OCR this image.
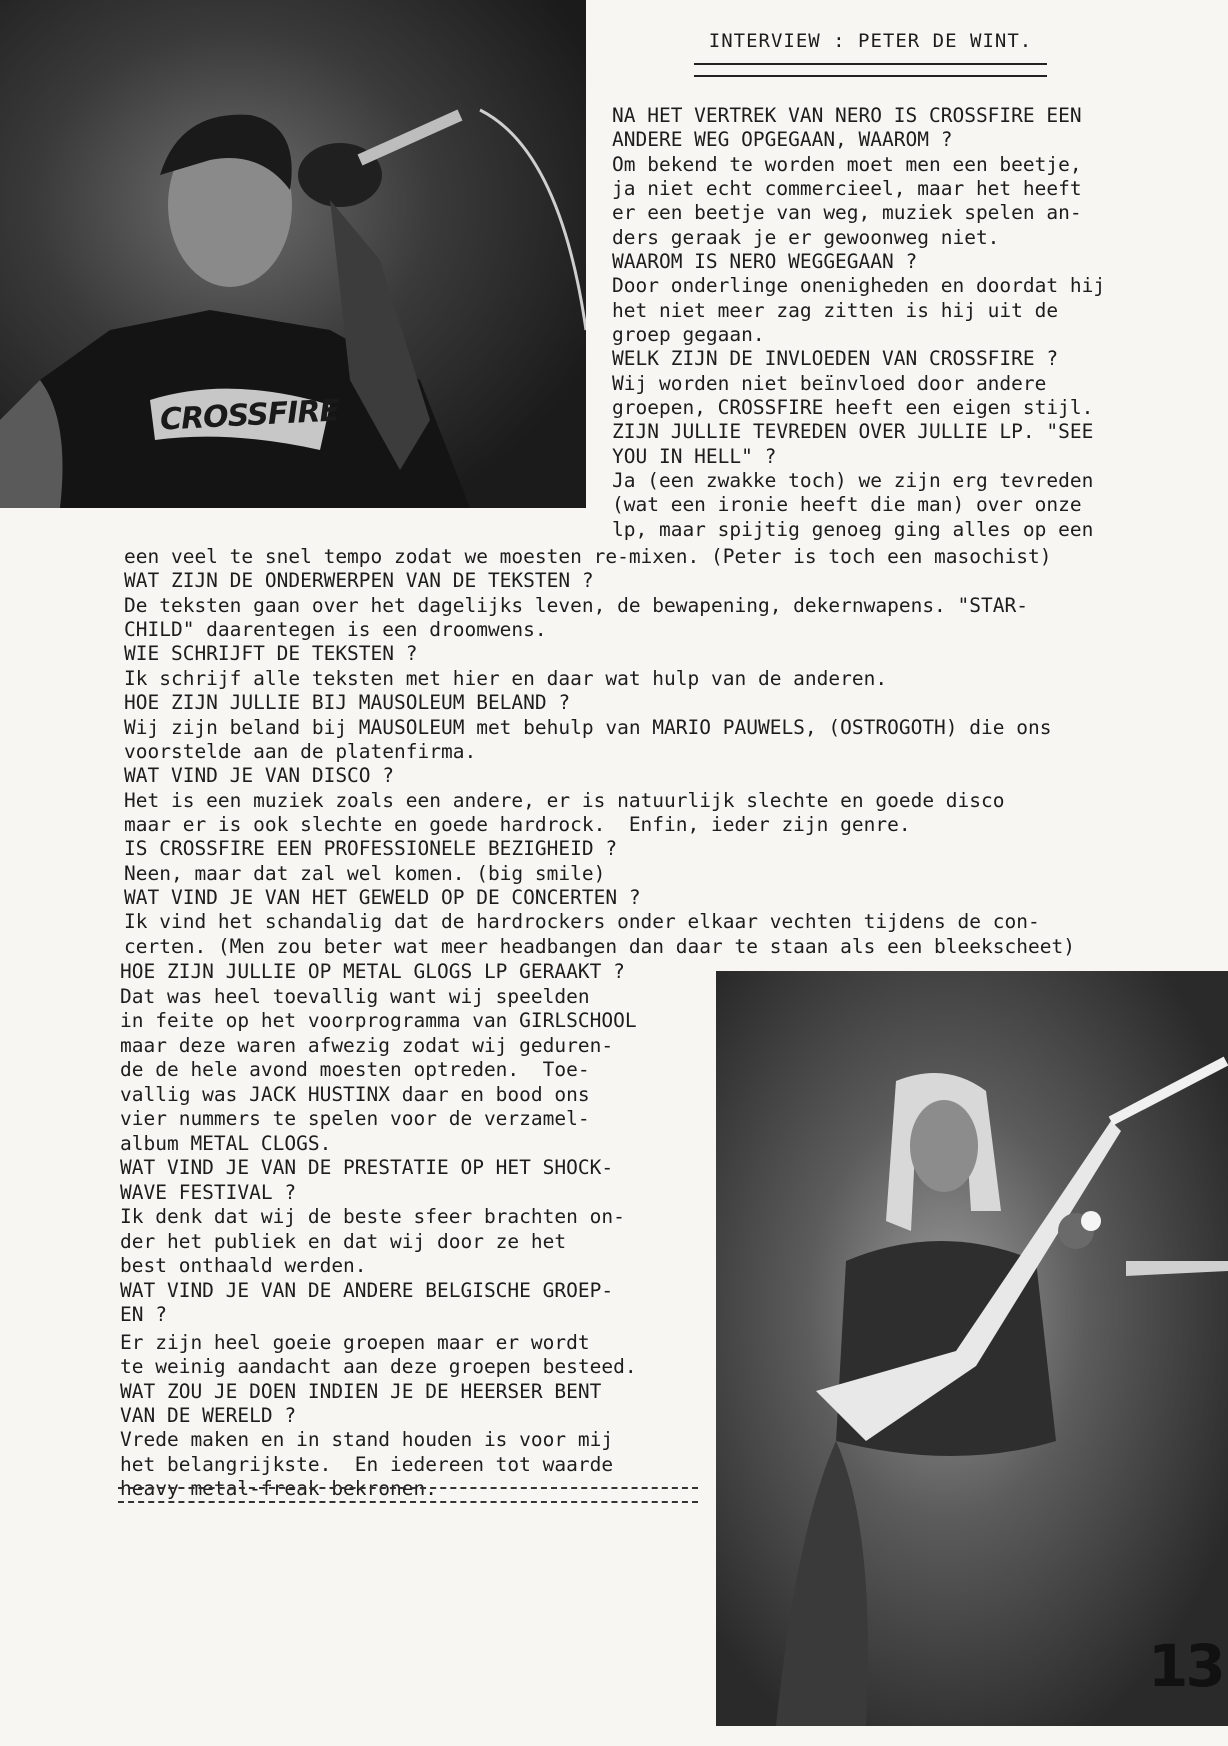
CROSSFIRE
INTERVIEW : PETER DE WINT.
NA HET VERTREK VAN NERO IS CROSSFIRE EEN
ANDERE WEG OPGEGAAN, WAAROM ?
Om bekend te worden moet men een beetje,
ja niet echt commercieel, maar het heeft
er een beetje van weg, muziek spelen an-
ders geraak je er gewoonweg niet.
WAAROM IS NERO WEGGEGAAN ?
Door onderlinge onenigheden en doordat hij
het niet meer zag zitten is hij uit de
groep gegaan.
WELK ZIJN DE INVLOEDEN VAN CROSSFIRE ?
Wij worden niet beïnvloed door andere
groepen, CROSSFIRE heeft een eigen stijl.
ZIJN JULLIE TEVREDEN OVER JULLIE LP. "SEE
YOU IN HELL" ?
Ja (een zwakke toch) we zijn erg tevreden
(wat een ironie heeft die man) over onze
lp, maar spijtig genoeg ging alles op een
een veel te snel tempo zodat we moesten re-mixen. (Peter is toch een masochist)
WAT ZIJN DE ONDERWERPEN VAN DE TEKSTEN ?
De teksten gaan over het dagelijks leven, de bewapening, dekernwapens. "STAR-
CHILD" daarentegen is een droomwens.
WIE SCHRIJFT DE TEKSTEN ?
Ik schrijf alle teksten met hier en daar wat hulp van de anderen.
HOE ZIJN JULLIE BIJ MAUSOLEUM BELAND ?
Wij zijn beland bij MAUSOLEUM met behulp van MARIO PAUWELS, (OSTROGOTH) die ons
voorstelde aan de platenfirma.
WAT VIND JE VAN DISCO ?
Het is een muziek zoals een andere, er is natuurlijk slechte en goede disco
maar er is ook slechte en goede hardrock.  Enfin, ieder zijn genre.
IS CROSSFIRE EEN PROFESSIONELE BEZIGHEID ?
Neen, maar dat zal wel komen. (big smile)
WAT VIND JE VAN HET GEWELD OP DE CONCERTEN ?
Ik vind het schandalig dat de hardrockers onder elkaar vechten tijdens de con-
certen. (Men zou beter wat meer headbangen dan daar te staan als een bleekscheet)
HOE ZIJN JULLIE OP METAL GLOGS LP GERAAKT ?
Dat was heel toevallig want wij speelden
in feite op het voorprogramma van GIRLSCHOOL
maar deze waren afwezig zodat wij geduren-
de de hele avond moesten optreden.  Toe-
vallig was JACK HUSTINX daar en bood ons
vier nummers te spelen voor de verzamel-
album METAL CLOGS.
WAT VIND JE VAN DE PRESTATIE OP HET SHOCK-
WAVE FESTIVAL ?
Ik denk dat wij de beste sfeer brachten on-
der het publiek en dat wij door ze het
best onthaald werden.
WAT VIND JE VAN DE ANDERE BELGISCHE GROEP-
EN ?
Er zijn heel goeie groepen maar er wordt
te weinig aandacht aan deze groepen besteed.
WAT ZOU JE DOEN INDIEN JE DE HEERSER BENT
VAN DE WERELD ?
Vrede maken en in stand houden is voor mij
het belangrijkste.  En iedereen tot waarde
heavy metal-freak bekronen.
13
